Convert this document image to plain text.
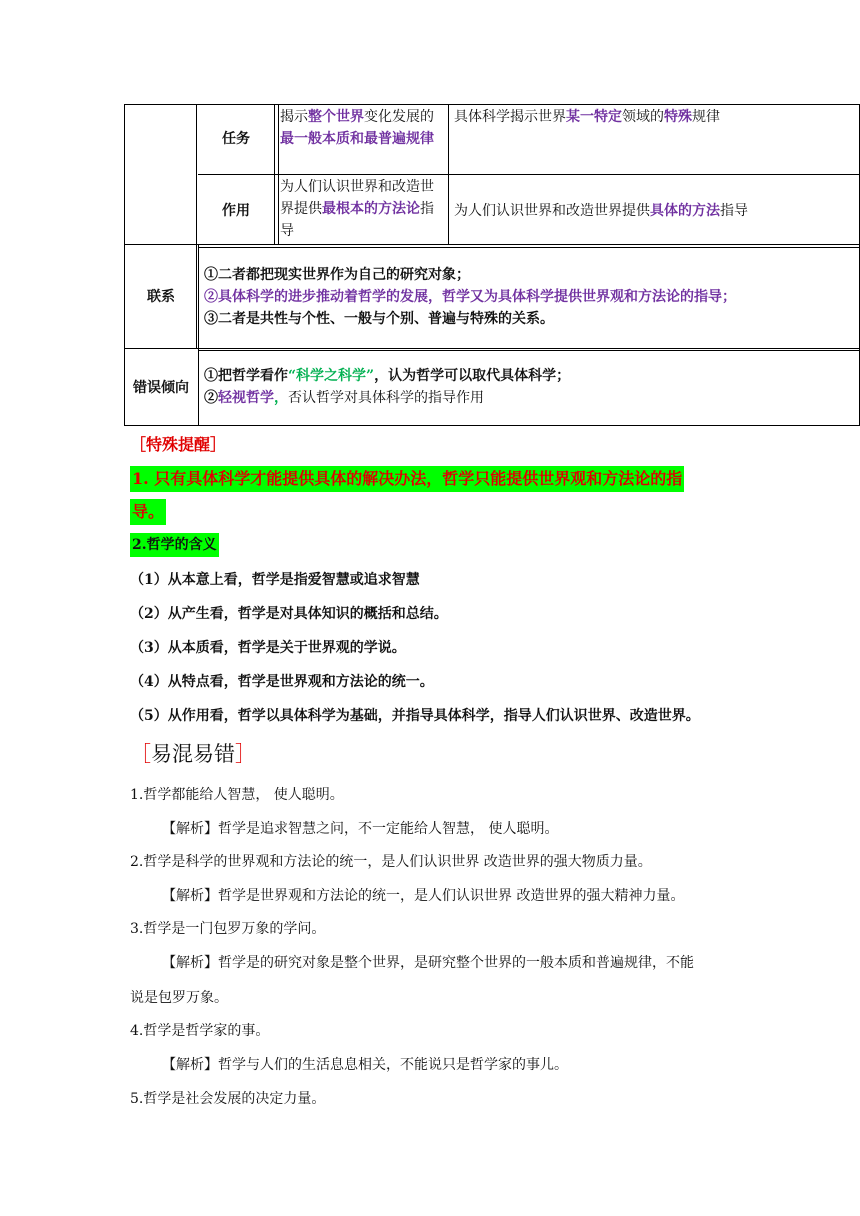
任务
揭示整个世界变化发展的最一般本质和最普遍规律
具体科学揭示世界某一特定领域的特殊规律
作用
为人们认识世界和改造世界提供最根本的方法论指导
为人们认识世界和改造世界提供具体的方法指导
联系
①二者都把现实世界作为自己的研究对象；
②具体科学的进步推动着哲学的发展，哲学又为具体科学提供世界观和方法论的指导；
③二者是共性与个性、一般与个别、普遍与特殊的关系。
错误倾向
①把哲学看作“科学之科学”，认为哲学可以取代具体科学；
②轻视哲学，否认哲学对具体科学的指导作用
［特殊提醒］
1. 只有具体科学才能提供具体的解决办法，哲学只能提供世界观和方法论的指
导。
2.哲学的含义
（1）从本意上看，哲学是指爱智慧或追求智慧
（2）从产生看，哲学是对具体知识的概括和总结。
（3）从本质看，哲学是关于世界观的学说。
（4）从特点看，哲学是世界观和方法论的统一。
（5）从作用看，哲学以具体科学为基础，并指导具体科学，指导人们认识世界、改造世界。
［易混易错］
1.哲学都能给人智慧， 使人聪明。
【解析】哲学是追求智慧之问，不一定能给人智慧， 使人聪明。
2.哲学是科学的世界观和方法论的统一，是人们认识世界 改造世界的强大物质力量。
【解析】哲学是世界观和方法论的统一，是人们认识世界 改造世界的强大精神力量。
3.哲学是一门包罗万象的学问。
【解析】哲学是的研究对象是整个世界，是研究整个世界的一般本质和普遍规律，不能
说是包罗万象。
4.哲学是哲学家的事。
【解析】哲学与人们的生活息息相关，不能说只是哲学家的事儿。
5.哲学是社会发展的决定力量。
